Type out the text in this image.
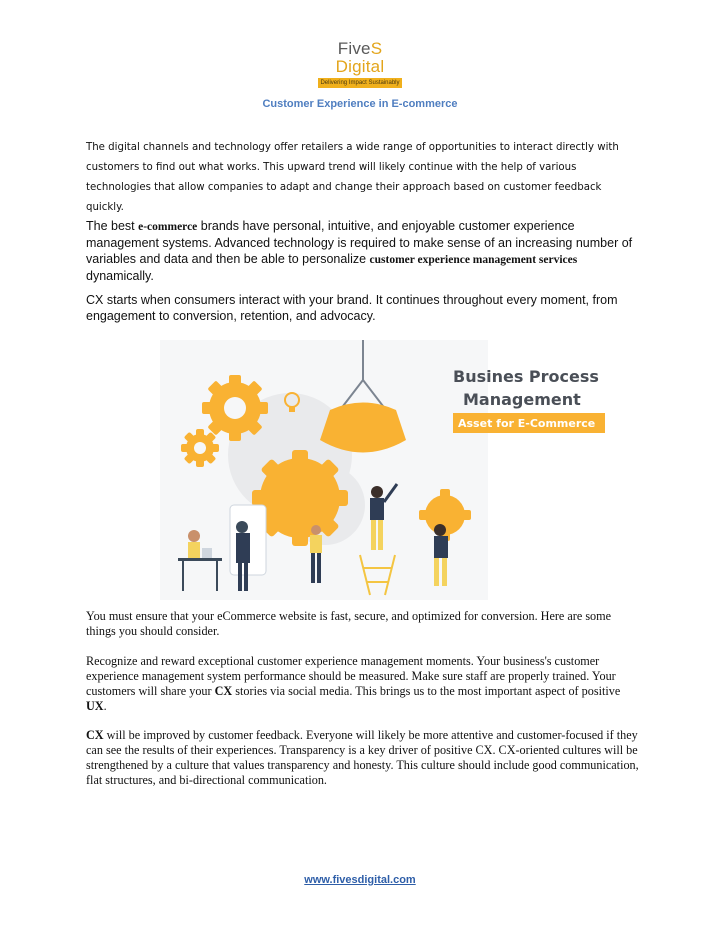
FiveS Digital
Delivering Impact Sustainably
Customer Experience in E-commerce
The digital channels and technology offer retailers a wide range of opportunities to interact directly with customers to find out what works. This upward trend will likely continue with the help of various technologies that allow companies to adapt and change their approach based on customer feedback quickly.
The best e-commerce brands have personal, intuitive, and enjoyable customer experience management systems. Advanced technology is required to make sense of an increasing number of variables and data and then be able to personalize customer experience management services dynamically.
CX starts when consumers interact with your brand. It continues throughout every moment, from engagement to conversion, retention, and advocacy.
Busines Process
Management
Asset for E-Commerce
You must ensure that your eCommerce website is fast, secure, and optimized for conversion. Here are some things you should consider.
Recognize and reward exceptional customer experience management moments. Your business's customer experience management system performance should be measured. Make sure staff are properly trained. Your customers will share your CX stories via social media. This brings us to the most important aspect of positive UX.
CX will be improved by customer feedback. Everyone will likely be more attentive and customer-focused if they can see the results of their experiences. Transparency is a key driver of positive CX. CX-oriented cultures will be strengthened by a culture that values transparency and honesty. This culture should include good communication, flat structures, and bi-directional communication.
www.fivesdigital.com
